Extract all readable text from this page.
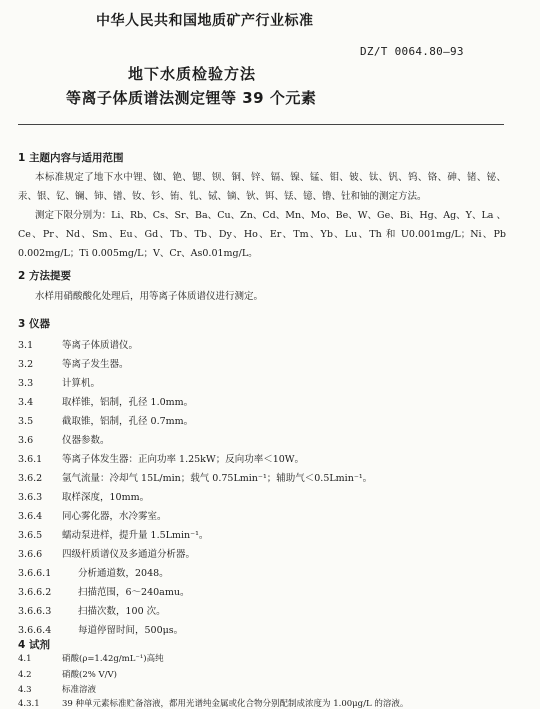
中华人民共和国地质矿产行业标准
DZ/T 0064.80—93
地下水质检验方法
等离子体质谱法测定锂等 39 个元素
1 主题内容与适用范围
本标准规定了地下水中锂、铷、铯、锶、钡、铜、锌、镉、镍、锰、钼、铍、钛、钒、钨、铬、砷、锗、铋、汞、银、钇、镧、铈、镨、钕、钐、铕、钆、铽、镝、钬、铒、铥、镱、镥、钍和铀的测定方法。
测定下限分别为：Li、Rb、Cs、Sr、Ba、Cu、Zn、Cd、Mn、Mo、Be、W、Ge、Bi、Hg、Ag、Y、La 、Ce、Pr、Nd、Sm、Eu、Gd、Tb、Tb、Dy、Ho、Er、Tm、Yb、Lu、Th 和 U0.001mg/L；Ni、Pb 0.002mg/L；Ti 0.005mg/L；V、Cr、As0.01mg/L。
2 方法提要
水样用硝酸酸化处理后，用等离子体质谱仪进行测定。
3 仪器
3.1	等离子体质谱仪。
3.2	等离子发生器。
3.3	计算机。
3.4	取样锥，铝制，孔径 1.0mm。
3.5	截取锥，铝制，孔径 0.7mm。
3.6	仪器参数。
3.6.1 等离子体发生器：正向功率 1.25kW；反向功率＜10W。
3.6.2 氩气流量：冷却气 15L/min；载气 0.75Lmin⁻¹；辅助气＜0.5Lmin⁻¹。
3.6.3 取样深度，10mm。
3.6.4 同心雾化器，水冷雾室。
3.6.5 蠕动泵进样，提升量 1.5Lmin⁻¹。
3.6.6 四级杆质谱仪及多通道分析器。
3.6.6.1	分析通道数，2048。
3.6.6.2	扫描范围，6～240amu。
3.6.6.3	扫描次数，100 次。
3.6.6.4	每道停留时间，500μs。
4 试剂
4.1	硝酸(ρ=1.42g/mL⁻¹)高纯
4.2	硝酸(2% V/V)
4.3	标准溶液
4.3.1	39 种单元素标准贮备溶液，都用光谱纯金属或化合物分别配制成浓度为 1.00μg/L 的溶液。
